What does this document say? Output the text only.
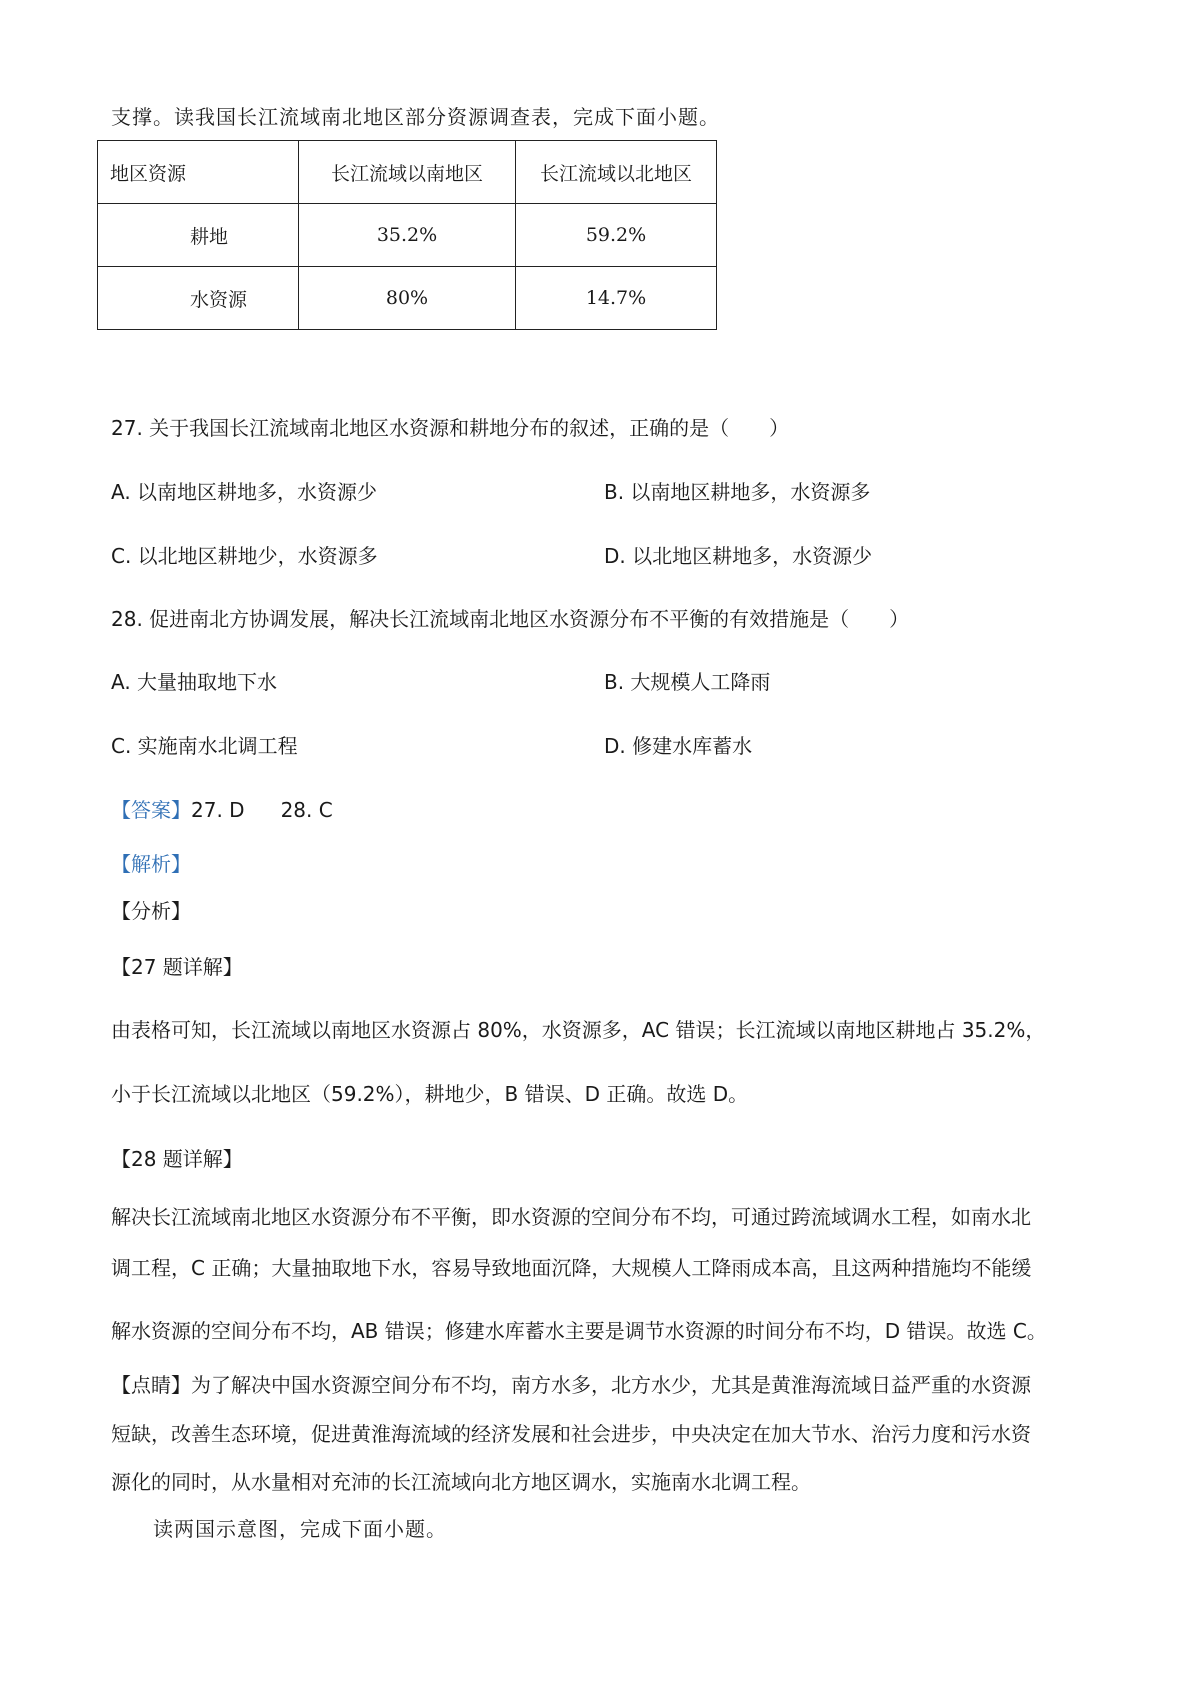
支撑。读我国长江流域南北地区部分资源调查表，完成下面小题。
地区资源	长江流域以南地区	长江流域以北地区
耕地	35.2%	59.2%
水资源	80%	14.7%
27. 关于我国长江流域南北地区水资源和耕地分布的叙述，正确的是（　　）
A. 以南地区耕地多，水资源少	B. 以南地区耕地多，水资源多
C. 以北地区耕地少，水资源多	D. 以北地区耕地多，水资源少
28. 促进南北方协调发展，解决长江流域南北地区水资源分布不平衡的有效措施是（　　）
A. 大量抽取地下水	B. 大规模人工降雨
C. 实施南水北调工程	D. 修建水库蓄水
【答案】27. D 28. C
【解析】
【分析】
【27 题详解】
由表格可知，长江流域以南地区水资源占 80%，水资源多，AC 错误；长江流域以南地区耕地占 35.2%，
小于长江流域以北地区（59.2%），耕地少，B 错误、D 正确。故选 D。
【28 题详解】
解决长江流域南北地区水资源分布不平衡，即水资源的空间分布不均，可通过跨流域调水工程，如南水北
调工程，C 正确；大量抽取地下水，容易导致地面沉降，大规模人工降雨成本高，且这两种措施均不能缓
解水资源的空间分布不均，AB 错误；修建水库蓄水主要是调节水资源的时间分布不均，D 错误。故选 C。
【点睛】为了解决中国水资源空间分布不均，南方水多，北方水少，尤其是黄淮海流域日益严重的水资源
短缺，改善生态环境，促进黄淮海流域的经济发展和社会进步，中央决定在加大节水、治污力度和污水资
源化的同时，从水量相对充沛的长江流域向北方地区调水，实施南水北调工程。
读两国示意图，完成下面小题。
